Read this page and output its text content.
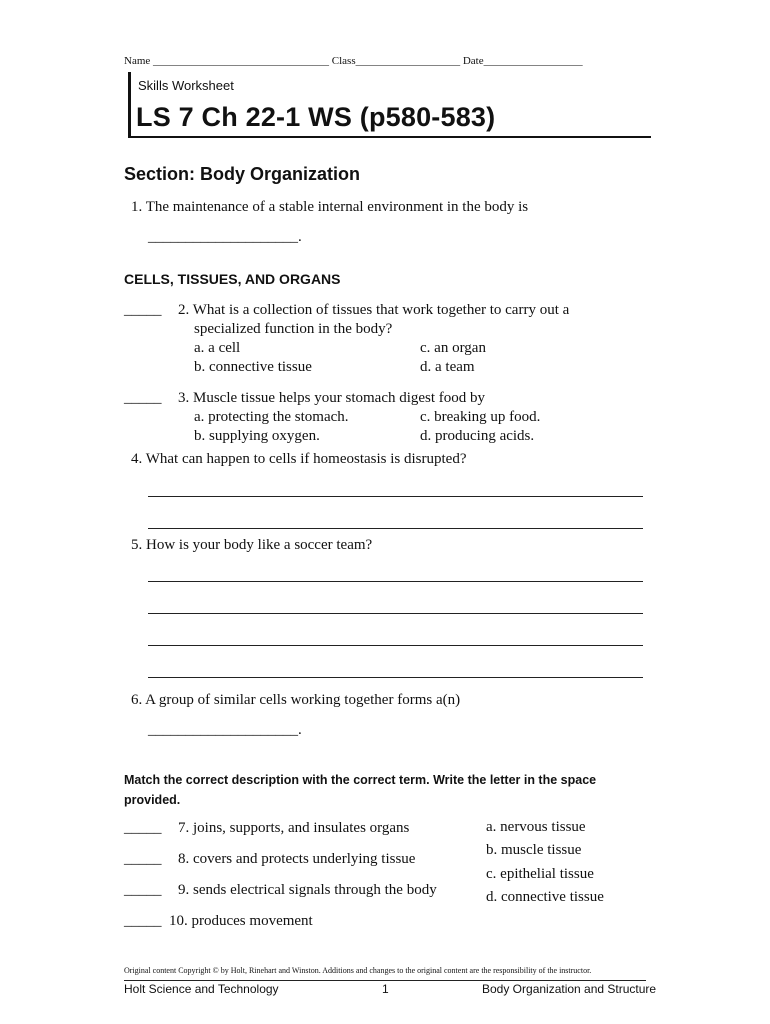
Name ________________________________ Class___________________ Date__________________
Skills Worksheet
LS 7 Ch 22-1 WS (p580-583)
Section: Body Organization
1. The maintenance of a stable internal environment in the body is
____________________.
CELLS, TISSUES, AND ORGANS
_____ 2. What is a collection of tissues that work together to carry out a
specialized function in the body?
a. a cell
b. connective tissue
c. an organ
d. a team
_____ 3. Muscle tissue helps your stomach digest food by
a. protecting the stomach.
b. supplying oxygen.
c. breaking up food.
d. producing acids.
4. What can happen to cells if homeostasis is disrupted?
5. How is your body like a soccer team?
6. A group of similar cells working together forms a(n)
____________________.
Match the correct description with the correct term. Write the letter in the space provided.
_____ 7. joins, supports, and insulates organs
_____ 8. covers and protects underlying tissue
_____ 9. sends electrical signals through the body
_____ 10. produces movement
a. nervous tissue
b. muscle tissue
c. epithelial tissue
d. connective tissue
Original content Copyright © by Holt, Rinehart and Winston. Additions and changes to the original content are the responsibility of the instructor.
Holt Science and Technology	1	Body Organization and Structure
